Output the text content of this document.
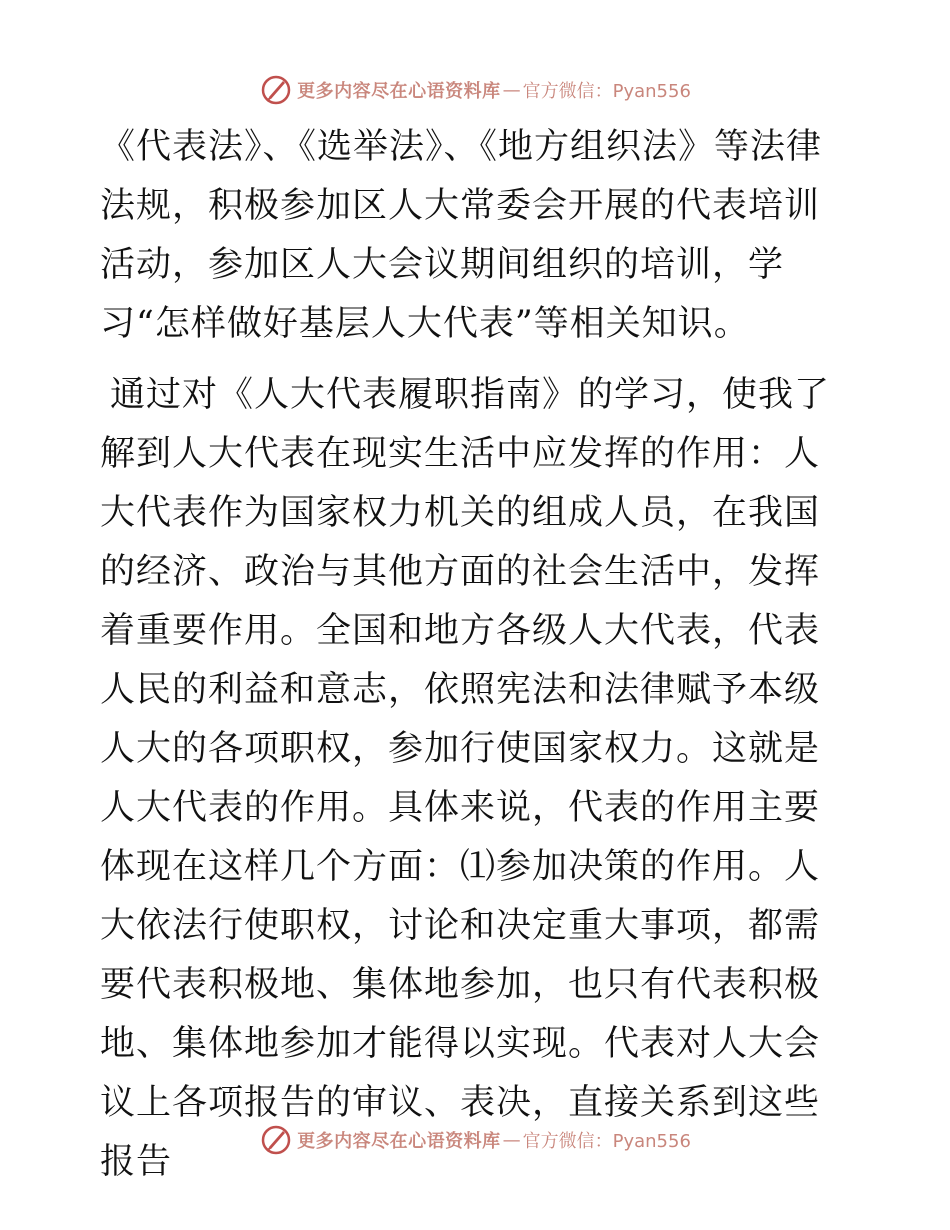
更多内容尽在心语资料库 — 官方微信：Pyan556

《代表法》、《选举法》、《地方组织法》等法律法规，积极参加区人大常委会开展的代表培训活动，参加区人大会议期间组织的培训，学习“怎样做好基层人大代表”等相关知识。

通过对《人大代表履职指南》的学习，使我了解到人大代表在现实生活中应发挥的作用：人大代表作为国家权力机关的组成人员，在我国的经济、政治与其他方面的社会生活中，发挥着重要作用。全国和地方各级人大代表，代表人民的利益和意志，依照宪法和法律赋予本级人大的各项职权，参加行使国家权力。这就是人大代表的作用。具体来说，代表的作用主要体现在这样几个方面：⑴参加决策的作用。人大依法行使职权，讨论和决定重大事项，都需要代表积极地、集体地参加，也只有代表积极地、集体地参加才能得以实现。代表对人大会议上各项报告的审议、表决，直接关系到这些报告

更多内容尽在心语资料库 — 官方微信：Pyan556
